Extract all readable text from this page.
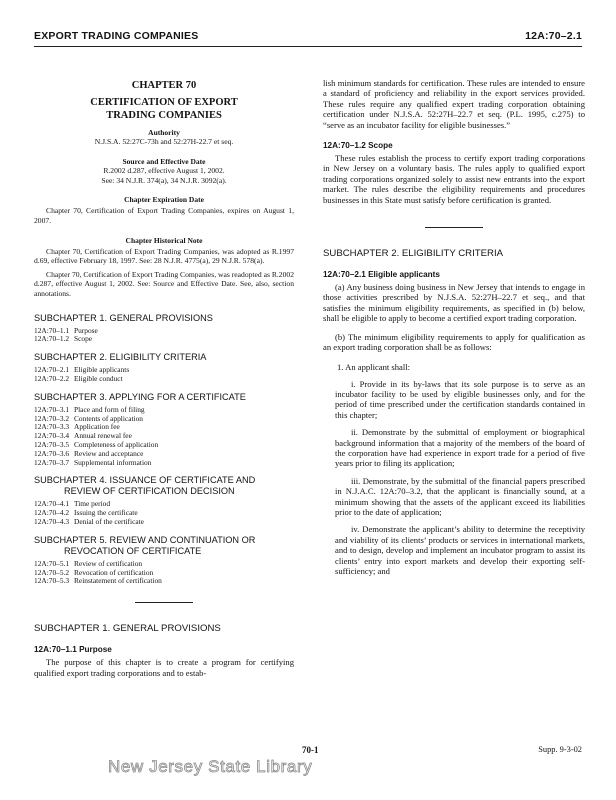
EXPORT TRADING COMPANIES	12A:70–2.1
CHAPTER 70
CERTIFICATION OF EXPORT
TRADING COMPANIES
Authority
N.J.S.A. 52:27C-73h and 52:27H-22.7 et seq.
Source and Effective Date
R.2002 d.287, effective August 1, 2002.
See: 34 N.J.R. 374(a), 34 N.J.R. 3092(a).
Chapter Expiration Date
Chapter 70, Certification of Export Trading Companies, expires on August 1, 2007.
Chapter Historical Note
Chapter 70, Certification of Export Trading Companies, was adopted as R.1997 d.69, effective February 18, 1997. See: 28 N.J.R. 4775(a), 29 N.J.R. 578(a).
Chapter 70, Certification of Export Trading Companies, was readopted as R.2002 d.287, effective August 1, 2002. See: Source and Effective Date. See, also, section annotations.
SUBCHAPTER 1. GENERAL PROVISIONS
12A:70–1.1 Purpose
12A:70–1.2 Scope
SUBCHAPTER 2. ELIGIBILITY CRITERIA
12A:70–2.1 Eligible applicants
12A:70–2.2 Eligible conduct
SUBCHAPTER 3. APPLYING FOR A CERTIFICATE
12A:70–3.1 Place and form of filing
12A:70–3.2 Contents of application
12A:70–3.3 Application fee
12A:70–3.4 Annual renewal fee
12A:70–3.5 Completeness of application
12A:70–3.6 Review and acceptance
12A:70–3.7 Supplemental information
SUBCHAPTER 4. ISSUANCE OF CERTIFICATE AND
REVIEW OF CERTIFICATION DECISION
12A:70–4.1 Time period
12A:70–4.2 Issuing the certificate
12A:70–4.3 Denial of the certificate
SUBCHAPTER 5. REVIEW AND CONTINUATION OR
REVOCATION OF CERTIFICATE
12A:70–5.1 Review of certification
12A:70–5.2 Revocation of certification
12A:70–5.3 Reinstatement of certification
SUBCHAPTER 1. GENERAL PROVISIONS
12A:70–1.1 Purpose
The purpose of this chapter is to create a program for certifying qualified export trading corporations and to estab-
lish minimum standards for certification. These rules are intended to ensure a standard of proficiency and reliability in the export services provided. These rules require any qualified expert trading corporation obtaining certification under N.J.S.A. 52:27H–22.7 et seq. (P.L. 1995, c.275) to “serve as an incubator facility for eligible businesses.”
12A:70–1.2 Scope
These rules establish the process to certify export trading corporations in New Jersey on a voluntary basis. The rules apply to qualified export trading corporations organized solely to assist new entrants into the export market. The rules describe the eligibility requirements and procedures businesses in this State must satisfy before certification is granted.
SUBCHAPTER 2. ELIGIBILITY CRITERIA
12A:70–2.1 Eligible applicants
(a) Any business doing business in New Jersey that intends to engage in those activities prescribed by N.J.S.A. 52:27H–22.7 et seq., and that satisfies the minimum eligibility requirements, as specified in (b) below, shall be eligible to apply to become a certified export trading corporation.
(b) The minimum eligibility requirements to apply for qualification as an export trading corporation shall be as follows:
1. An applicant shall:
i. Provide in its by-laws that its sole purpose is to serve as an incubator facility to be used by eligible businesses only, and for the period of time prescribed under the certification standards contained in this chapter;
ii. Demonstrate by the submittal of employment or biographical background information that a majority of the members of the board of the corporation have had experience in export trade for a period of five years prior to filing its application;
iii. Demonstrate, by the submittal of the financial papers prescribed in N.J.A.C. 12A:70–3.2, that the applicant is financially sound, at a minimum showing that the assets of the applicant exceed its liabilities prior to the date of application;
iv. Demonstrate the applicant’s ability to determine the receptivity and viability of its clients’ products or services in international markets, and to design, develop and implement an incubator program to assist its clients’ entry into export markets and develop their exporting self-sufficiency; and
70-1	Supp. 9-3-02
New Jersey State Library
